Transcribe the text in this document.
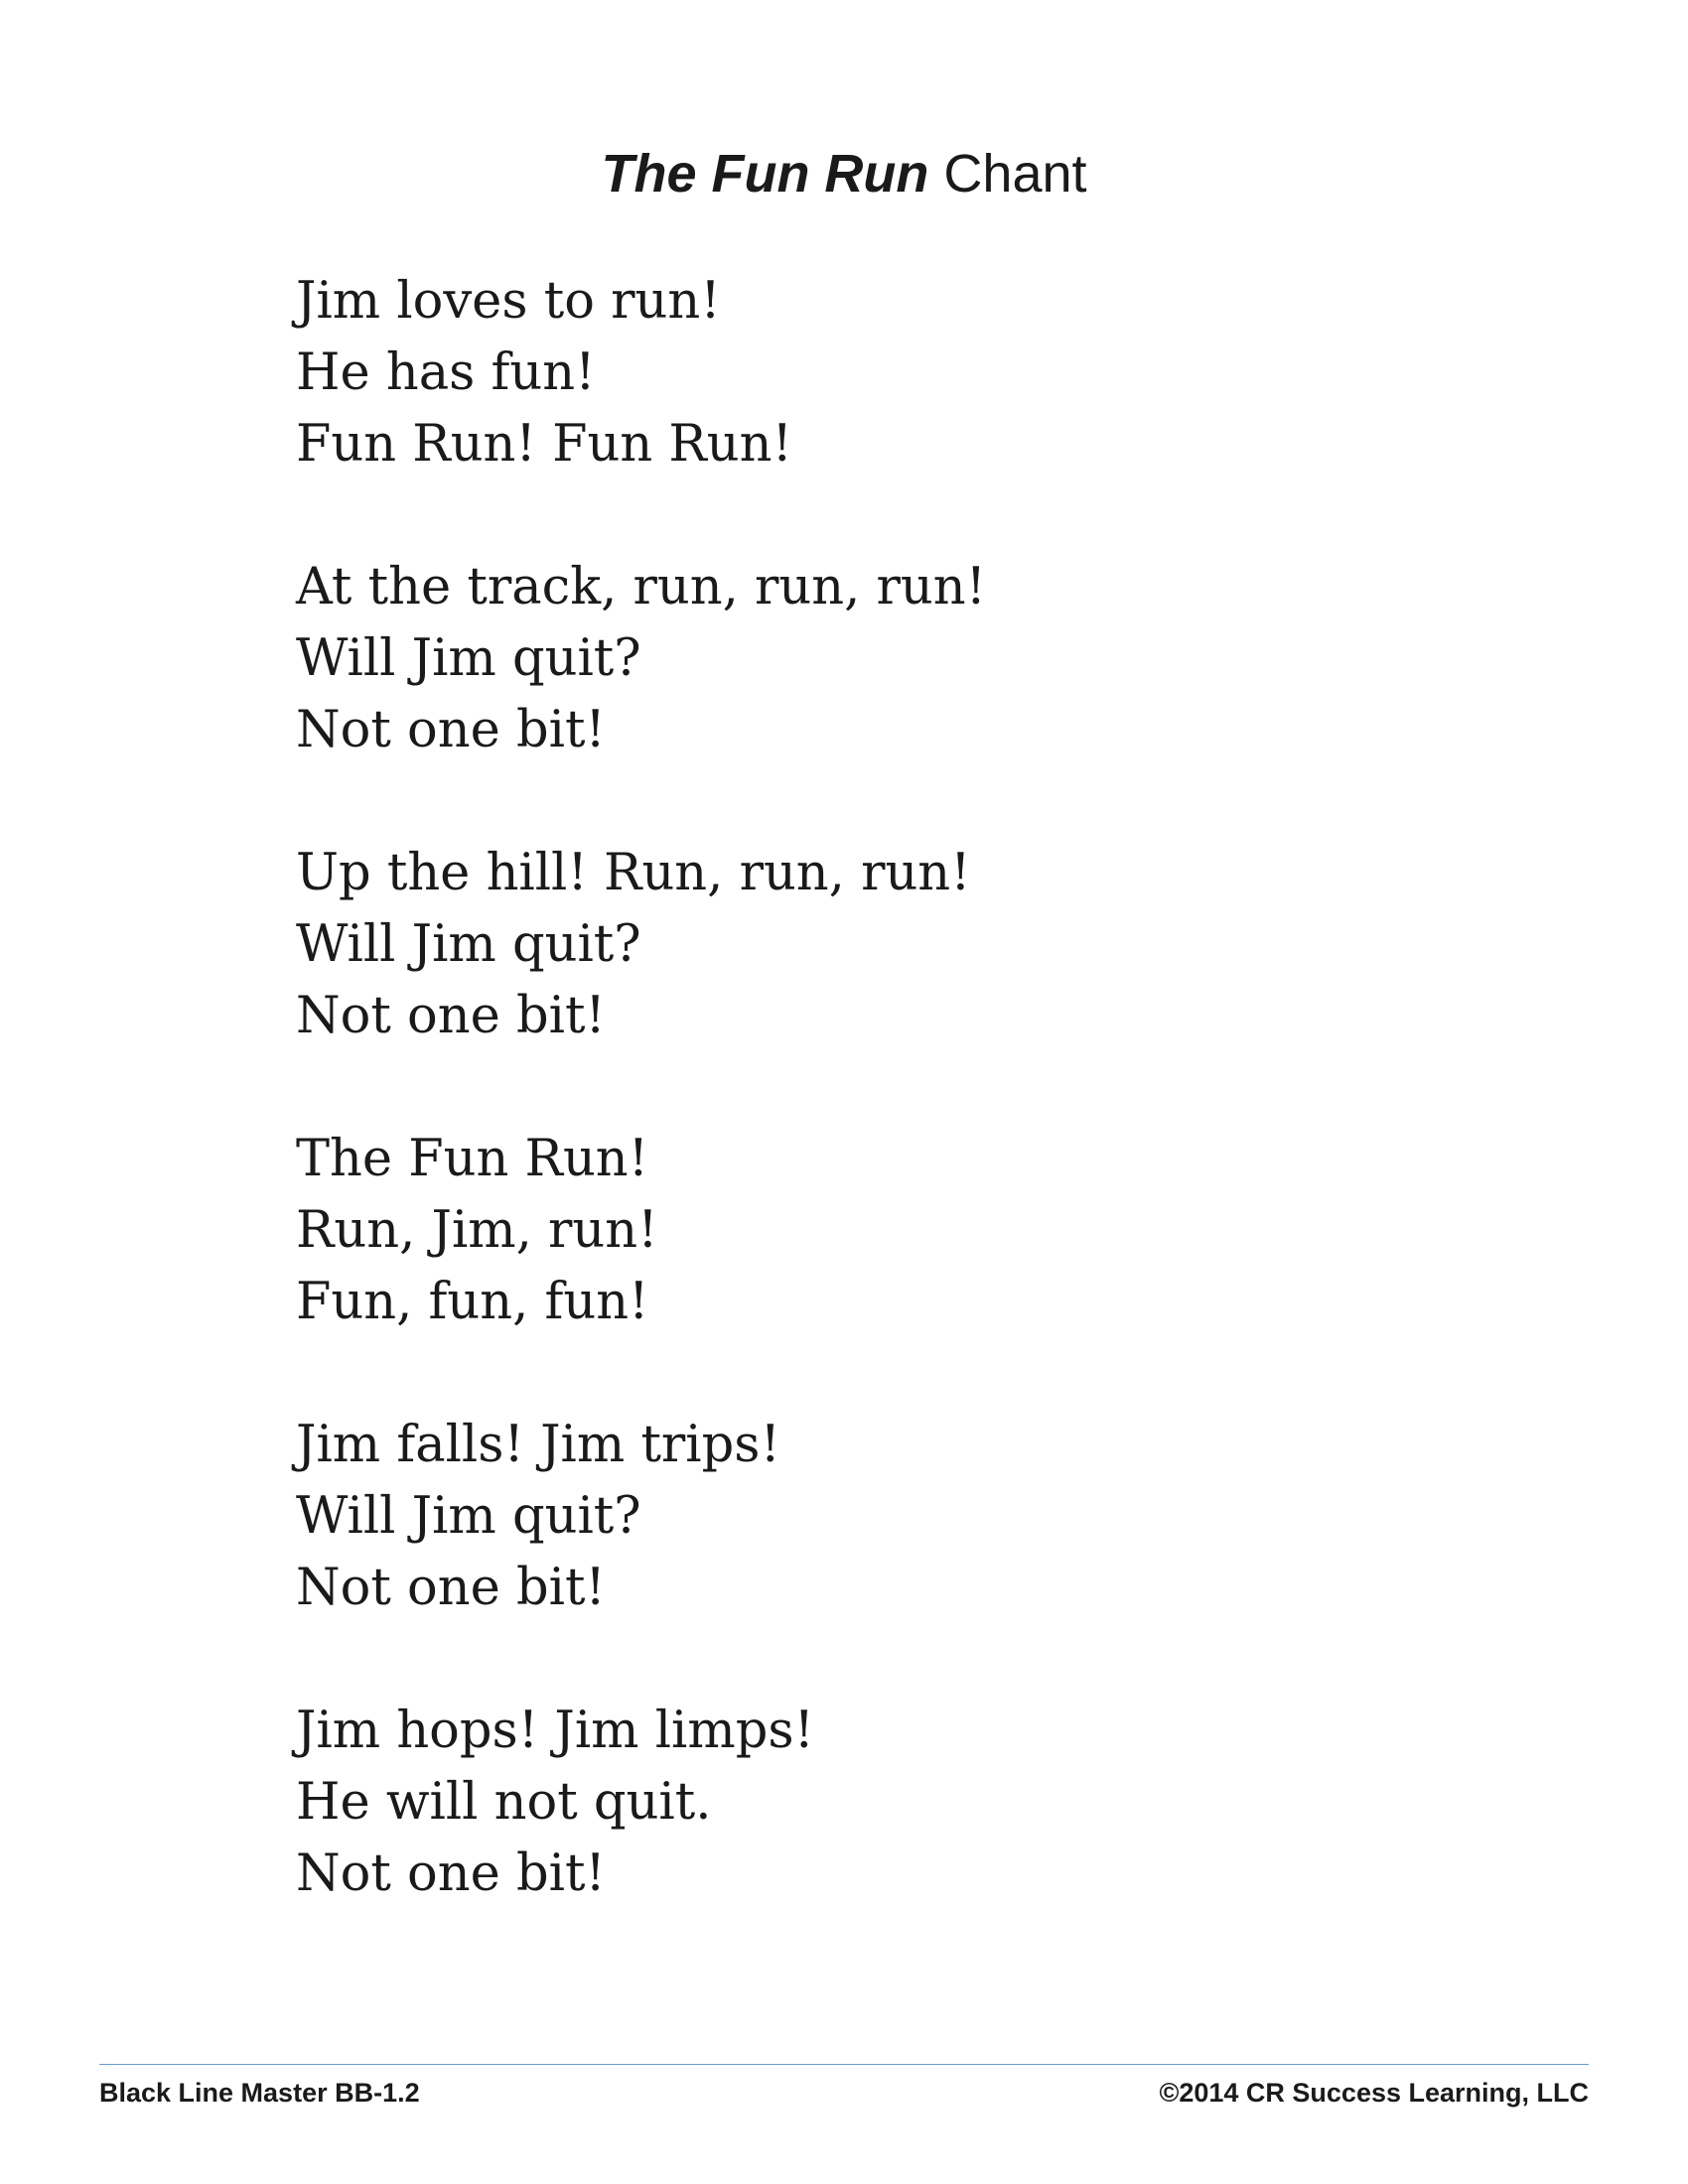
The Fun Run Chant
Jim loves to run!
He has fun!
Fun Run! Fun Run!
At the track, run, run, run!
Will Jim quit?
Not one bit!
Up the hill! Run, run, run!
Will Jim quit?
Not one bit!
The Fun Run!
Run, Jim, run!
Fun, fun, fun!
Jim falls! Jim trips!
Will Jim quit?
Not one bit!
Jim hops! Jim limps!
He will not quit.
Not one bit!
Black Line Master BB-1.2	©2014 CR Success Learning, LLC
